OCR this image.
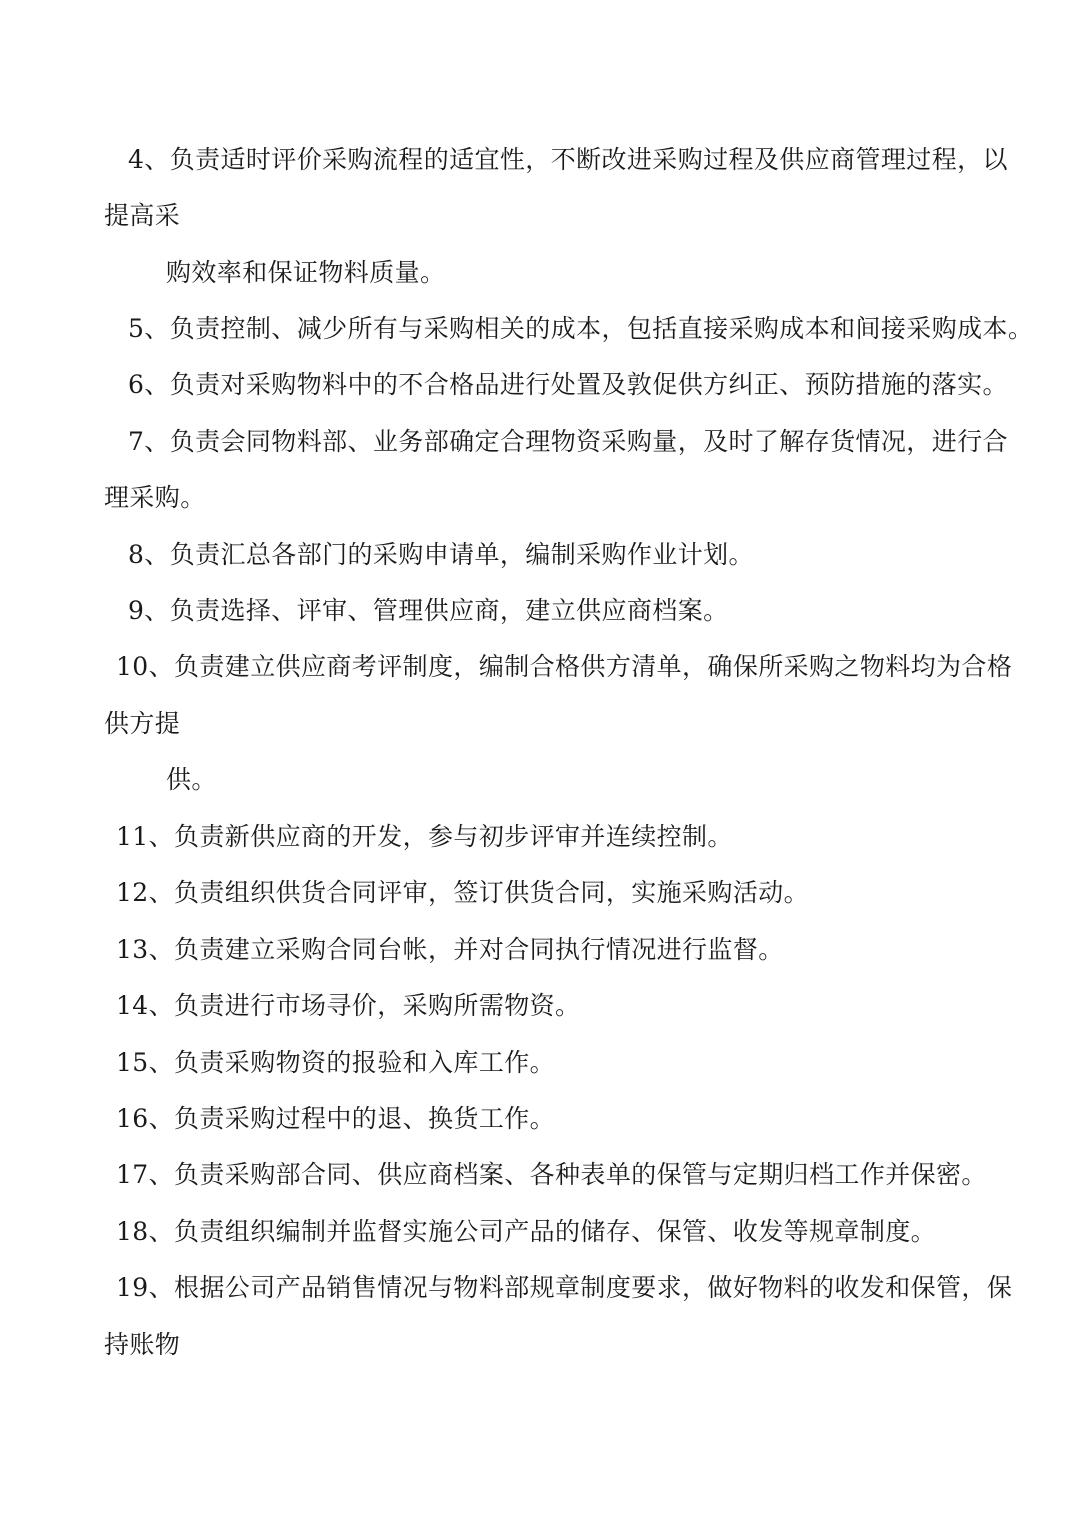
4、负责适时评价采购流程的适宜性，不断改进采购过程及供应商管理过程，以
提高采
购效率和保证物料质量。
5、负责控制、减少所有与采购相关的成本，包括直接采购成本和间接采购成本。
6、负责对采购物料中的不合格品进行处置及敦促供方纠正、预防措施的落实。
7、负责会同物料部、业务部确定合理物资采购量，及时了解存货情况，进行合
理采购。
8、负责汇总各部门的采购申请单，编制采购作业计划。
9、负责选择、评审、管理供应商，建立供应商档案。
10、负责建立供应商考评制度，编制合格供方清单，确保所采购之物料均为合格
供方提
供。
11、负责新供应商的开发，参与初步评审并连续控制。
12、负责组织供货合同评审，签订供货合同，实施采购活动。
13、负责建立采购合同台帐，并对合同执行情况进行监督。
14、负责进行市场寻价，采购所需物资。
15、负责采购物资的报验和入库工作。
16、负责采购过程中的退、换货工作。
17、负责采购部合同、供应商档案、各种表单的保管与定期归档工作并保密。
18、负责组织编制并监督实施公司产品的储存、保管、收发等规章制度。
19、根据公司产品销售情况与物料部规章制度要求，做好物料的收发和保管，保
持账物
